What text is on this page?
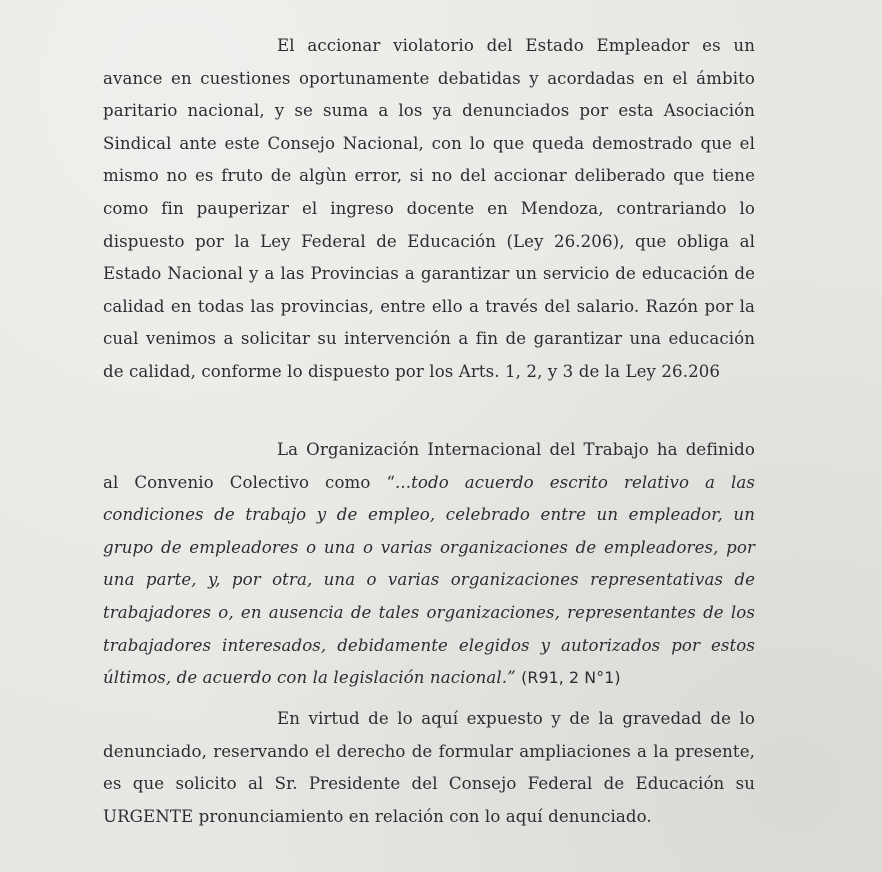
El accionar violatorio del Estado Empleador es un avance en cuestiones oportunamente debatidas y acordadas en el ámbito paritario nacional, y se suma a los ya denunciados por esta Asociación Sindical ante este Consejo Nacional, con lo que queda demostrado que el mismo no es fruto de algùn error, si no del accionar deliberado que tiene como fin pauperizar el ingreso docente en Mendoza, contrariando lo dispuesto por la Ley Federal de Educación (Ley 26.206), que obliga al Estado Nacional y a las Provincias a garantizar un servicio de educación de calidad en todas las provincias, entre ello a través del salario. Razón por la cual venimos a solicitar su intervención a fin de garantizar una educación de calidad, conforme lo dispuesto por los Arts. 1, 2, y 3 de la Ley 26.206

La Organización Internacional del Trabajo ha definido al Convenio Colectivo como “...todo acuerdo escrito relativo a las condiciones de trabajo y de empleo, celebrado entre un empleador, un grupo de empleadores o una o varias organizaciones de empleadores, por una parte, y, por otra, una o varias organizaciones representativas de trabajadores o, en ausencia de tales organizaciones, representantes de los trabajadores interesados, debidamente elegidos y autorizados por estos últimos, de acuerdo con la legislación nacional.” (R91, 2 N°1)

En virtud de lo aquí expuesto y de la gravedad de lo denunciado, reservando el derecho de formular ampliaciones a la presente, es que solicito al Sr. Presidente del Consejo Federal de Educación su URGENTE pronunciamiento en relación con lo aquí denunciado.
